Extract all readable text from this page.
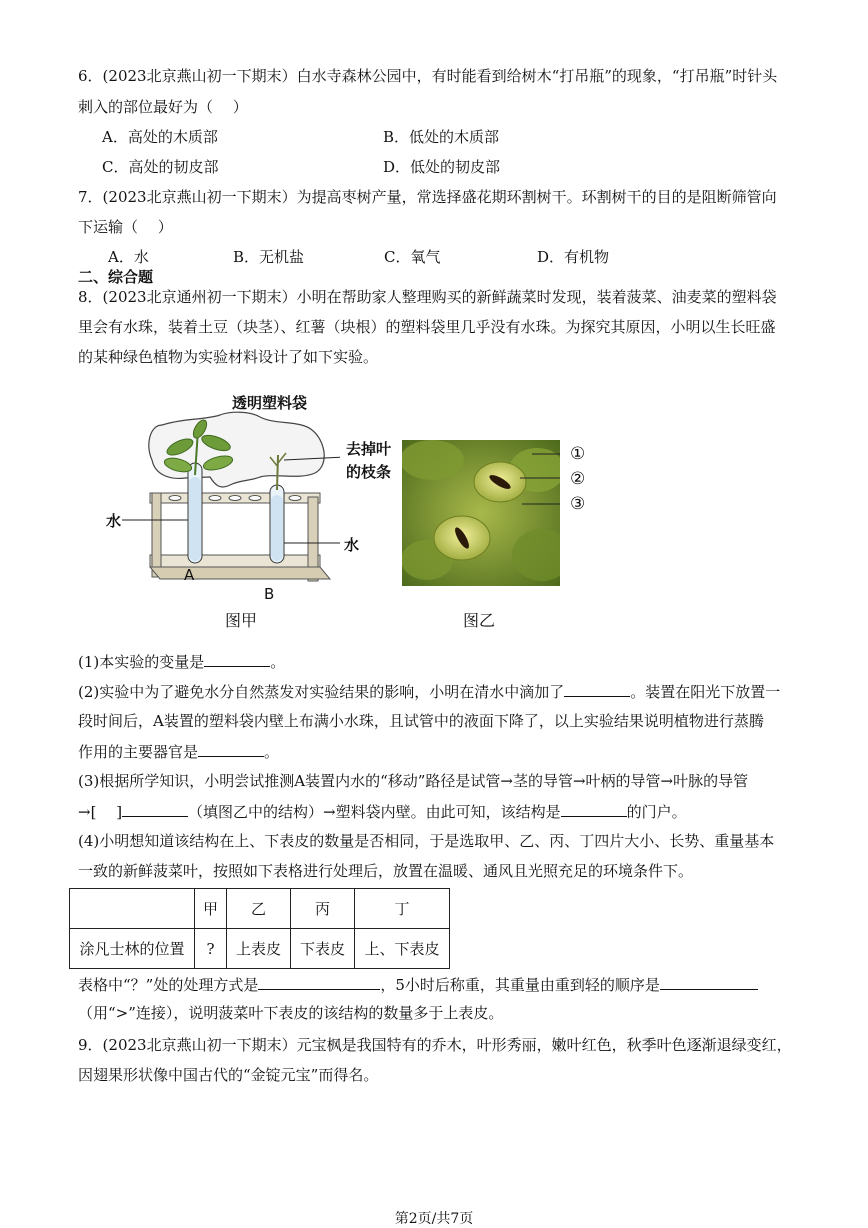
6．(2023北京燕山初一下期末）白水寺森林公园中，有时能看到给树木“打吊瓶”的现象，“打吊瓶”时针头
刺入的部位最好为（　 ）
A．高处的木质部	B．低处的木质部
C．高处的韧皮部	D．低处的韧皮部
7．(2023北京燕山初一下期末）为提高枣树产量，常选择盛花期环割树干。环割树干的目的是阻断筛管向
下运输（　 ）
A．水	B．无机盐	C．氧气	D．有机物
二、综合题
8．(2023北京通州初一下期末）小明在帮助家人整理购买的新鲜蔬菜时发现，装着菠菜、油麦菜的塑料袋
里会有水珠，装着土豆（块茎）、红薯（块根）的塑料袋里几乎没有水珠。为探究其原因，小明以生长旺盛
的某种绿色植物为实验材料设计了如下实验。
透明塑料袋
去掉叶
的枝条
水
水
A
B
图甲
①
②
③
图乙
(1)本实验的变量是	。
(2)实验中为了避免水分自然蒸发对实验结果的影响，小明在清水中滴加了	。装置在阳光下放置一
段时间后，A装置的塑料袋内壁上布满小水珠，且试管中的液面下降了，以上实验结果说明植物进行蒸腾
作用的主要器官是	。
(3)根据所学知识，小明尝试推测A装置内水的“移动”路径是试管→茎的导管→叶柄的导管→叶脉的导管
→[　 ]	（填图乙中的结构）→塑料袋内壁。由此可知，该结构是	的门户。
(4)小明想知道该结构在上、下表皮的数量是否相同，于是选取甲、乙、丙、丁四片大小、长势、重量基本
一致的新鲜菠菜叶，按照如下表格进行处理后，放置在温暖、通风且光照充足的环境条件下。
	甲	乙	丙	丁
涂凡士林的位置	?	上表皮	下表皮	上、下表皮
表格中“？”处的处理方式是	，5小时后称重，其重量由重到轻的顺序是
（用“>”连接），说明菠菜叶下表皮的该结构的数量多于上表皮。
9．(2023北京燕山初一下期末）元宝枫是我国特有的乔木，叶形秀丽，嫩叶红色，秋季叶色逐渐退绿变红，
因翅果形状像中国古代的“金锭元宝”而得名。
第2页/共7页
